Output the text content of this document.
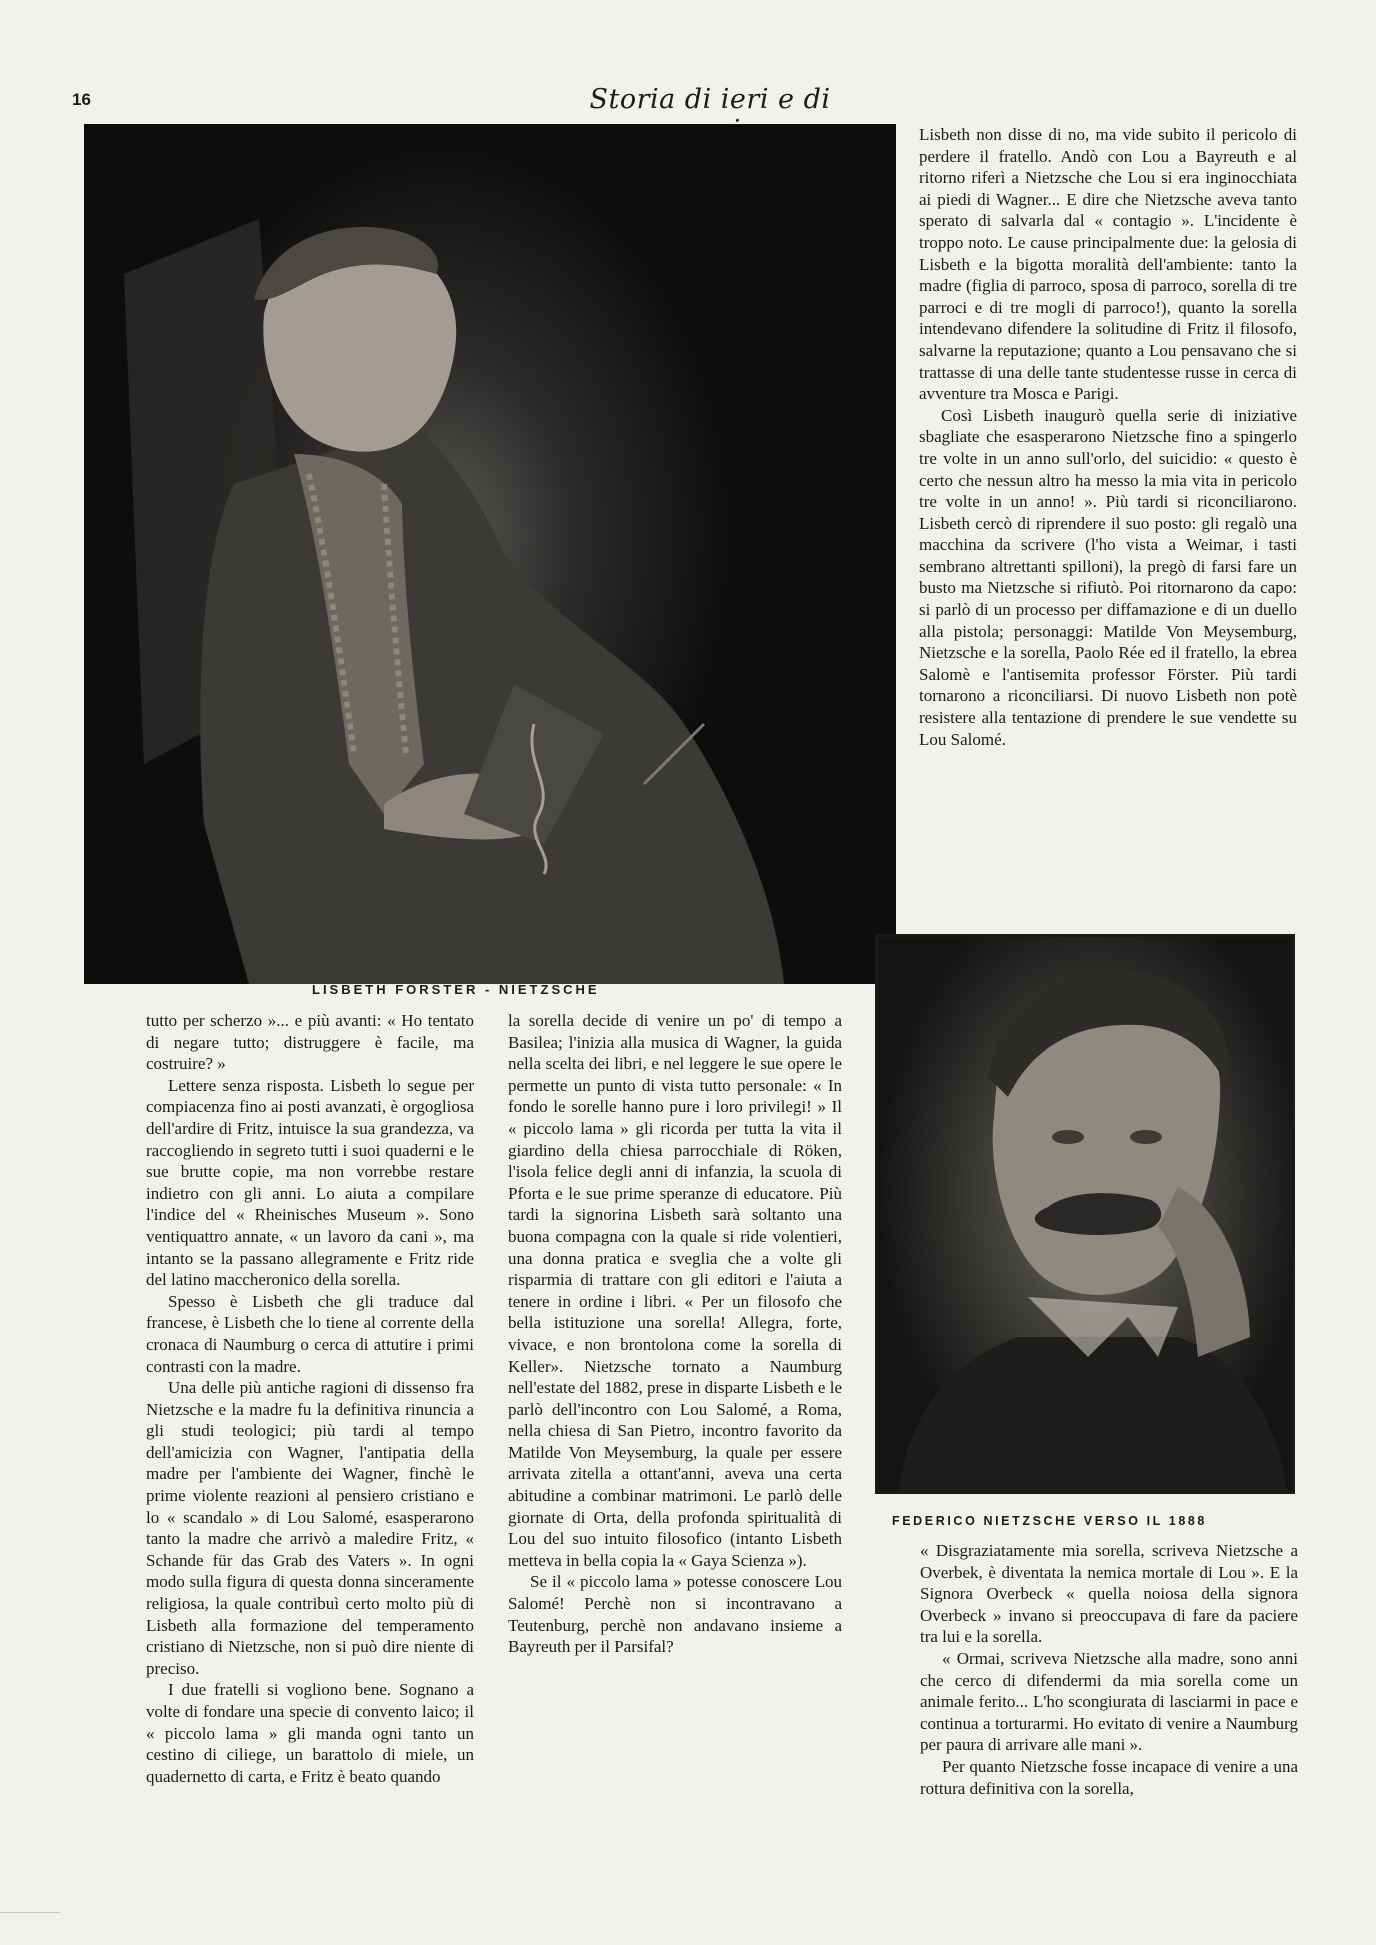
16	Storia di ieri e di
LISBETH FORSTER - NIETZSCHE
FEDERICO NIETZSCHE VERSO IL 1888

Lisbeth non disse di no, ma vide subito il pericolo di perdere il fratello. Andò con Lou a Bayreuth e al ritorno riferì a Nietzsche che Lou si era inginocchiata ai piedi di Wagner... E dire che Nietzsche aveva tanto sperato di salvarla dal « contagio ». L'incidente è troppo noto. Le cause principalmente due: la gelosia di Lisbeth e la bigotta moralità dell'ambiente: tanto la madre (figlia di parroco, sposa di parroco, sorella di tre parroci e di tre mogli di parroco!), quanto la sorella intendevano difendere la solitudine di Fritz il filosofo, salvarne la reputazione; quanto a Lou pensavano che si trattasse di una delle tante studentesse russe in cerca di avventure tra Mosca e Parigi.

Così Lisbeth inaugurò quella serie di iniziative sbagliate che esasperarono Nietzsche fino a spingerlo tre volte in un anno sull'orlo, del suicidio: « questo è certo che nessun altro ha messo la mia vita in pericolo tre volte in un anno! ». Più tardi si riconciliarono. Lisbeth cercò di riprendere il suo posto: gli regalò una macchina da scrivere (l'ho vista a Weimar, i tasti sembrano altrettanti spilloni), la pregò di farsi fare un busto ma Nietzsche si rifiutò. Poi ritornarono da capo: si parlò di un processo per diffamazione e di un duello alla pistola; personaggi: Matilde Von Meysemburg, Nietzsche e la sorella, Paolo Rée ed il fratello, la ebrea Salomè e l'antisemita professor Förster. Più tardi tornarono a riconciliarsi. Di nuovo Lisbeth non potè resistere alla tentazione di prendere le sue vendette su Lou Salomé.

tutto per scherzo »... e più avanti: « Ho tentato di negare tutto; distruggere è facile, ma costruire? »

Lettere senza risposta. Lisbeth lo segue per compiacenza fino ai posti avanzati, è orgogliosa dell'ardire di Fritz, intuisce la sua grandezza, va raccogliendo in segreto tutti i suoi quaderni e le sue brutte copie, ma non vorrebbe restare indietro con gli anni. Lo aiuta a compilare l'indice del « Rheinisches Museum ». Sono ventiquattro annate, « un lavoro da cani », ma intanto se la passano allegramente e Fritz ride del latino maccheronico della sorella.

Spesso è Lisbeth che gli traduce dal francese, è Lisbeth che lo tiene al corrente della cronaca di Naumburg o cerca di attutire i primi contrasti con la madre.

Una delle più antiche ragioni di dissenso fra Nietzsche e la madre fu la definitiva rinuncia a gli studi teologici; più tardi al tempo dell'amicizia con Wagner, l'antipatia della madre per l'ambiente dei Wagner, finchè le prime violente reazioni al pensiero cristiano e lo « scandalo » di Lou Salomé, esasperarono tanto la madre che arrivò a maledire Fritz, « Schande für das Grab des Vaters ». In ogni modo sulla figura di questa donna sinceramente religiosa, la quale contribuì certo molto più di Lisbeth alla formazione del temperamento cristiano di Nietzsche, non si può dire niente di preciso.

I due fratelli si vogliono bene. Sognano a volte di fondare una specie di convento laico; il « piccolo lama » gli manda ogni tanto un cestino di ciliege, un barattolo di miele, un quadernetto di carta, e Fritz è beato quando

la sorella decide di venire un po' di tempo a Basilea; l'inizia alla musica di Wagner, la guida nella scelta dei libri, e nel leggere le sue opere le permette un punto di vista tutto personale: « In fondo le sorelle hanno pure i loro privilegi! » Il « piccolo lama » gli ricorda per tutta la vita il giardino della chiesa parrocchiale di Röken, l'isola felice degli anni di infanzia, la scuola di Pforta e le sue prime speranze di educatore. Più tardi la signorina Lisbeth sarà soltanto una buona compagna con la quale si ride volentieri, una donna pratica e sveglia che a volte gli risparmia di trattare con gli editori e l'aiuta a tenere in ordine i libri. « Per un filosofo che bella istituzione una sorella! Allegra, forte, vivace, e non brontolona come la sorella di Keller». Nietzsche tornato a Naumburg nell'estate del 1882, prese in disparte Lisbeth e le parlò dell'incontro con Lou Salomé, a Roma, nella chiesa di San Pietro, incontro favorito da Matilde Von Meysemburg, la quale per essere arrivata zitella a ottant'anni, aveva una certa abitudine a combinar matrimoni. Le parlò delle giornate di Orta, della profonda spiritualità di Lou del suo intuito filosofico (intanto Lisbeth metteva in bella copia la « Gaya Scienza »).

Se il « piccolo lama » potesse conoscere Lou Salomé! Perchè non si incontravano a Teutenburg, perchè non andavano insieme a Bayreuth per il Parsifal?

« Disgraziatamente mia sorella, scriveva Nietzsche a Overbek, è diventata la nemica mortale di Lou ». E la Signora Overbeck « quella noiosa della signora Overbeck » invano si preoccupava di fare da paciere tra lui e la sorella.

« Ormai, scriveva Nietzsche alla madre, sono anni che cerco di difendermi da mia sorella come un animale ferito... L'ho scongiurata di lasciarmi in pace e continua a torturarmi. Ho evitato di venire a Naumburg per paura di arrivare alle mani ».

Per quanto Nietzsche fosse incapace di venire a una rottura definitiva con la sorella,
